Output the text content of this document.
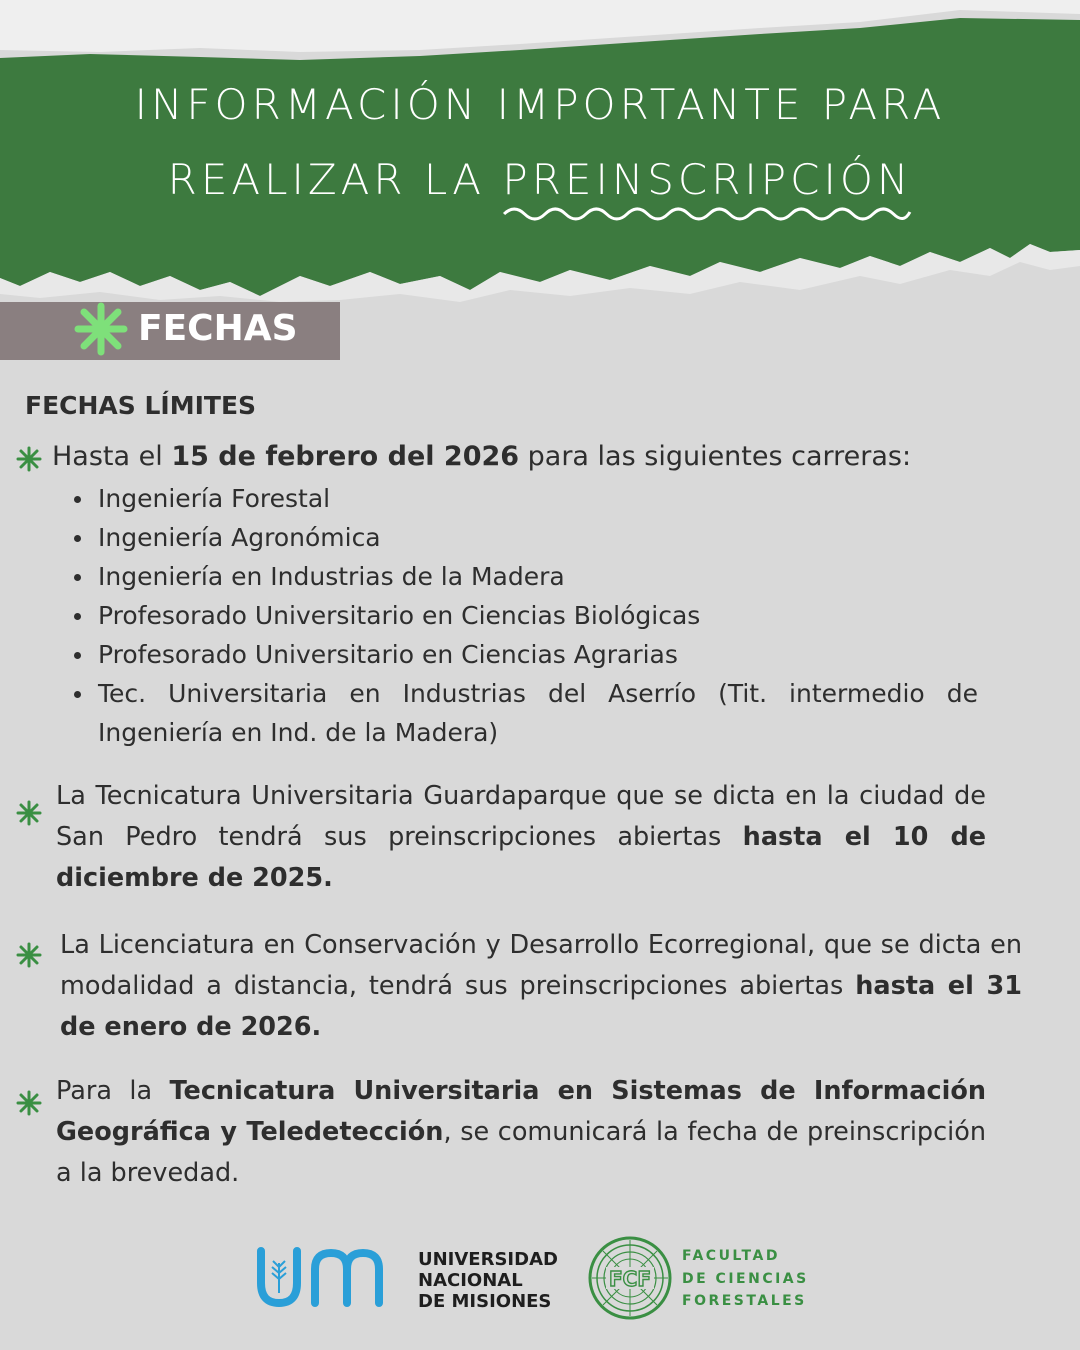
INFORMACIÓN IMPORTANTE PARA
REALIZAR LA PREINSCRIPCIÓN
FECHAS
FECHAS LÍMITES
Hasta el 15 de febrero del 2026 para las siguientes carreras:
Ingeniería Forestal
Ingeniería Agronómica
Ingeniería en Industrias de la Madera
Profesorado Universitario en Ciencias Biológicas
Profesorado Universitario en Ciencias Agrarias
Tec. Universitaria en Industrias del Aserrío (Tit. intermedio de Ingeniería en Ind. de la Madera)
La Tecnicatura Universitaria Guardaparque que se dicta en la ciudad de San Pedro tendrá sus preinscripciones abiertas hasta el 10 de diciembre de 2025.
La Licenciatura en Conservación y Desarrollo Ecorregional, que se dicta en modalidad a distancia, tendrá sus preinscripciones abiertas hasta el 31 de enero de 2026.
Para la Tecnicatura Universitaria en Sistemas de Información Geográfica y Teledetección, se comunicará la fecha de preinscripción a la brevedad.
UNIVERSIDAD
NACIONAL
DE MISIONES
FCF
FACULTAD
DE CIENCIAS
FORESTALES
